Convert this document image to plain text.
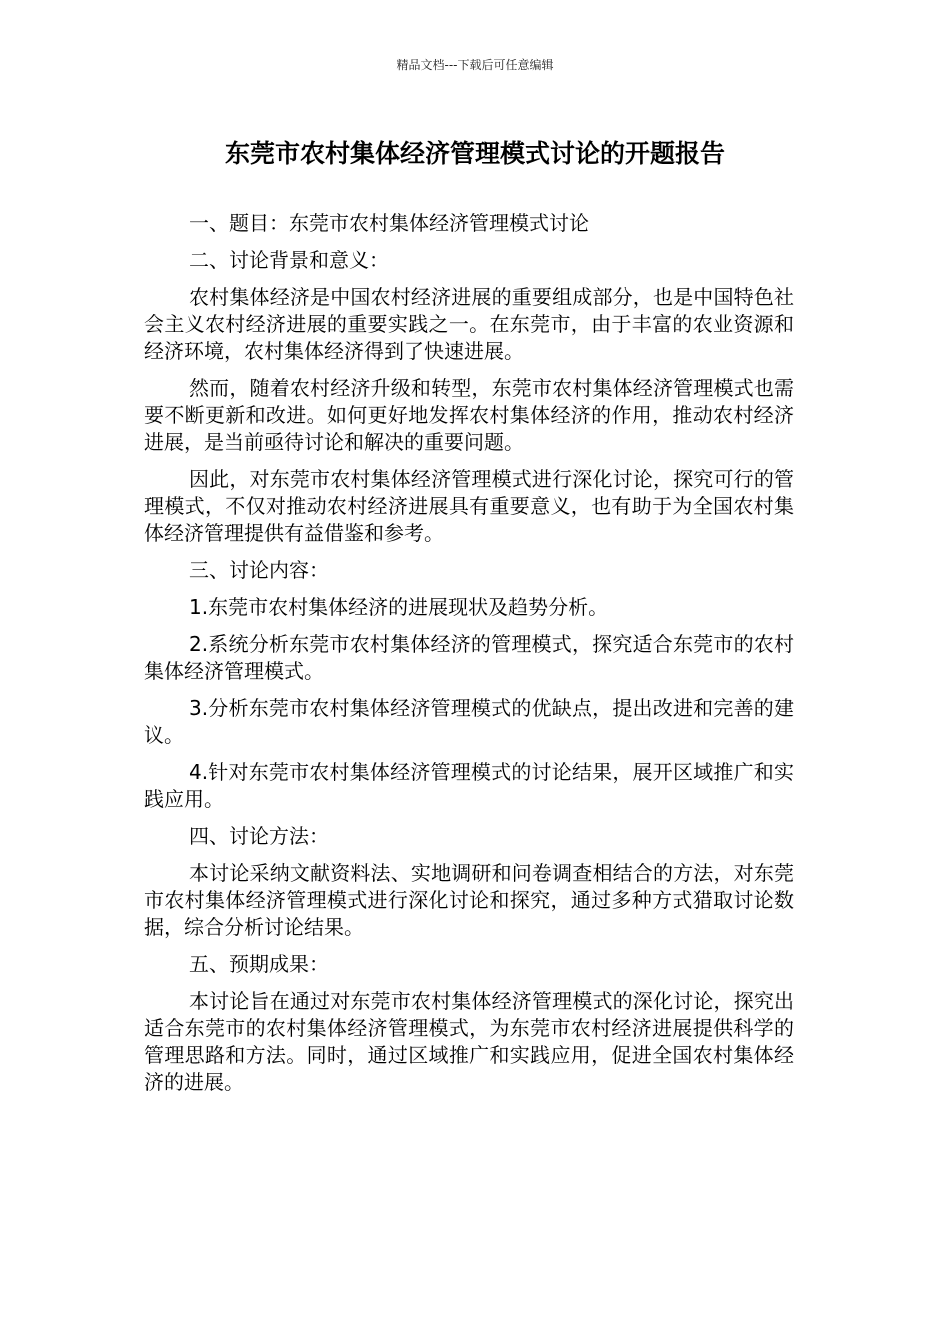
精品文档---下载后可任意编辑
东莞市农村集体经济管理模式讨论的开题报告

一、题目：东莞市农村集体经济管理模式讨论

二、讨论背景和意义：

农村集体经济是中国农村经济进展的重要组成部分，也是中国特色社会主义农村经济进展的重要实践之一。在东莞市，由于丰富的农业资源和经济环境，农村集体经济得到了快速进展。

然而，随着农村经济升级和转型，东莞市农村集体经济管理模式也需要不断更新和改进。如何更好地发挥农村集体经济的作用，推动农村经济进展，是当前亟待讨论和解决的重要问题。

因此，对东莞市农村集体经济管理模式进行深化讨论，探究可行的管理模式，不仅对推动农村经济进展具有重要意义，也有助于为全国农村集体经济管理提供有益借鉴和参考。

三、讨论内容：

1.东莞市农村集体经济的进展现状及趋势分析。

2.系统分析东莞市农村集体经济的管理模式，探究适合东莞市的农村集体经济管理模式。

3.分析东莞市农村集体经济管理模式的优缺点，提出改进和完善的建议。

4.针对东莞市农村集体经济管理模式的讨论结果，展开区域推广和实践应用。

四、讨论方法：

本讨论采纳文献资料法、实地调研和问卷调查相结合的方法，对东莞市农村集体经济管理模式进行深化讨论和探究，通过多种方式猎取讨论数据，综合分析讨论结果。

五、预期成果：

本讨论旨在通过对东莞市农村集体经济管理模式的深化讨论，探究出适合东莞市的农村集体经济管理模式，为东莞市农村经济进展提供科学的管理思路和方法。同时，通过区域推广和实践应用，促进全国农村集体经济的进展。
